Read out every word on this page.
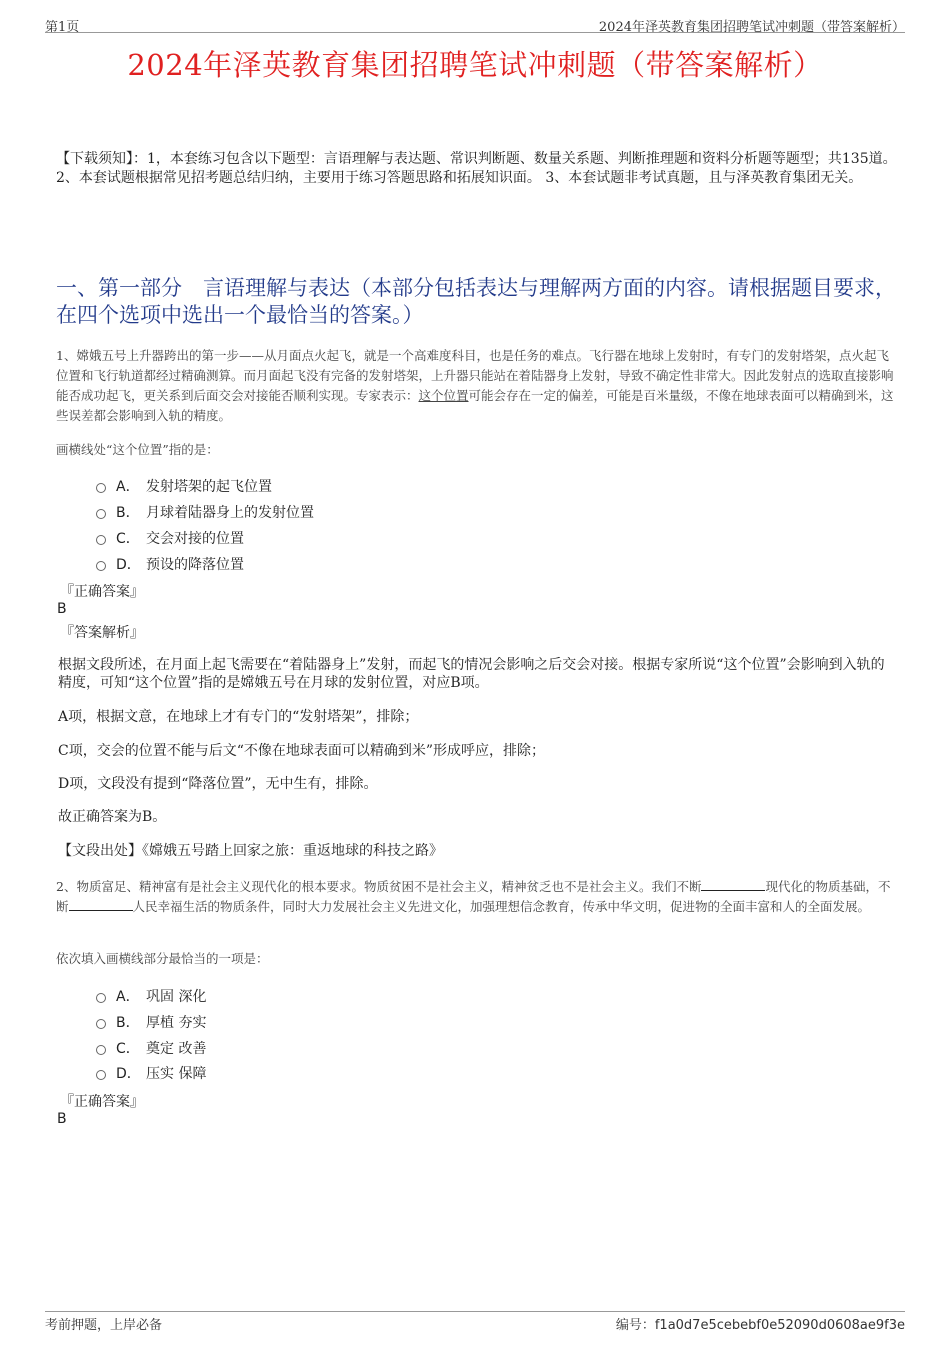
第1页	2024年泽英教育集团招聘笔试冲刺题（带答案解析）
2024年泽英教育集团招聘笔试冲刺题（带答案解析）
【下载须知】：1，本套练习包含以下题型：言语理解与表达题、常识判断题、数量关系题、判断推理题和资料分析题等题型；共135道。 2、本套试题根据常见招考题总结归纳，主要用于练习答题思路和拓展知识面。 3、本套试题非考试真题，且与泽英教育集团无关。
一、第一部分　言语理解与表达（本部分包括表达与理解两方面的内容。请根据题目要求，在四个选项中选出一个最恰当的答案。）
1、嫦娥五号上升器跨出的第一步——从月面点火起飞，就是一个高难度科目，也是任务的难点。飞行器在地球上发射时，有专门的发射塔架，点火起飞位置和飞行轨道都经过精确测算。而月面起飞没有完备的发射塔架，上升器只能站在着陆器身上发射，导致不确定性非常大。因此发射点的选取直接影响能否成功起飞，更关系到后面交会对接能否顺利实现。专家表示：这个位置可能会存在一定的偏差，可能是百米量级，不像在地球表面可以精确到米，这些误差都会影响到入轨的精度。
画横线处“这个位置”指的是：
A． 发射塔架的起飞位置
B． 月球着陆器身上的发射位置
C． 交会对接的位置
D． 预设的降落位置
『正确答案』
B
『答案解析』
根据文段所述，在月面上起飞需要在“着陆器身上”发射，而起飞的情况会影响之后交会对接。根据专家所说“这个位置”会影响到入轨的精度，可知“这个位置”指的是嫦娥五号在月球的发射位置，对应B项。
A项，根据文意，在地球上才有专门的“发射塔架”，排除；
C项，交会的位置不能与后文“不像在地球表面可以精确到米”形成呼应，排除；
D项，文段没有提到“降落位置”，无中生有，排除。
故正确答案为B。
【文段出处】《嫦娥五号踏上回家之旅：重返地球的科技之路》
2、物质富足、精神富有是社会主义现代化的根本要求。物质贫困不是社会主义，精神贫乏也不是社会主义。我们不断	现代化的物质基础，不断	人民幸福生活的物质条件，同时大力发展社会主义先进文化，加强理想信念教育，传承中华文明，促进物的全面丰富和人的全面发展。
依次填入画横线部分最恰当的一项是：
A． 巩固 深化
B． 厚植 夯实
C． 奠定 改善
D． 压实 保障
『正确答案』
B
考前押题，上岸必备	编号：f1a0d7e5cebebf0e52090d0608ae9f3e
